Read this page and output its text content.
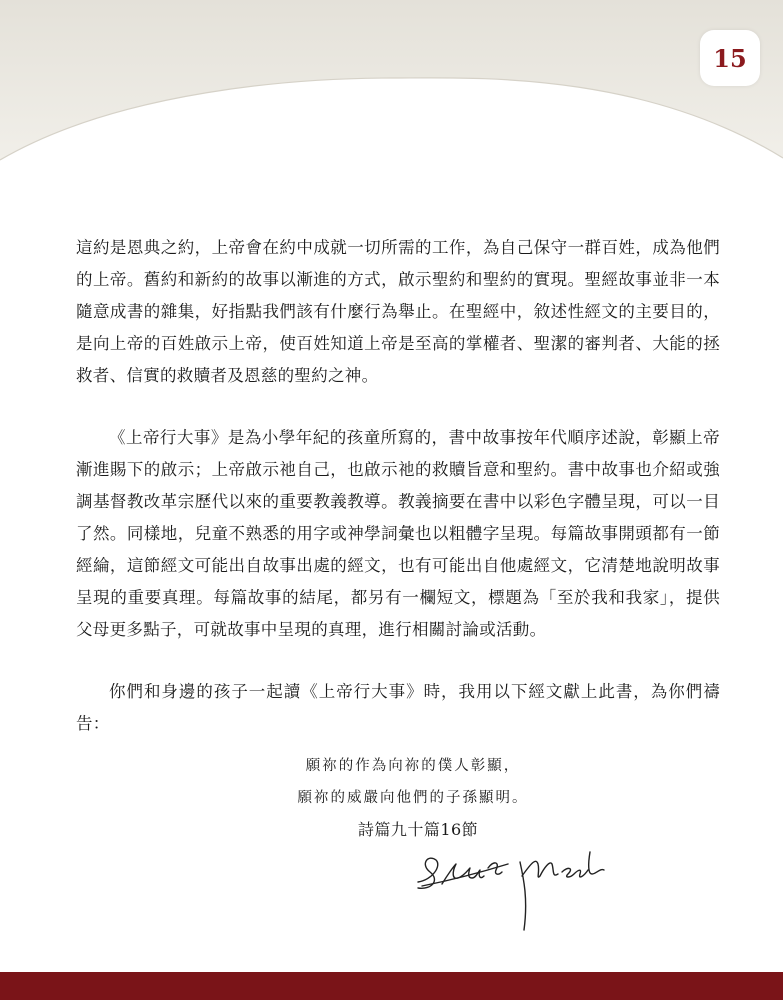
15

這約是恩典之約，上帝會在約中成就一切所需的工作，為自己保守一群百姓，成為他們的上帝。舊約和新約的故事以漸進的方式，啟示聖約和聖約的實現。聖經故事並非一本隨意成書的雜集，好指點我們該有什麼行為舉止。在聖經中，敘述性經文的主要目的，是向上帝的百姓啟示上帝，使百姓知道上帝是至高的掌權者、聖潔的審判者、大能的拯救者、信實的救贖者及恩慈的聖約之神。

《上帝行大事》是為小學年紀的孩童所寫的，書中故事按年代順序述說，彰顯上帝漸進賜下的啟示；上帝啟示祂自己，也啟示祂的救贖旨意和聖約。書中故事也介紹或強調基督教改革宗歷代以來的重要教義教導。教義摘要在書中以彩色字體呈現，可以一目了然。同樣地，兒童不熟悉的用字或神學詞彙也以粗體字呈現。每篇故事開頭都有一節經綸，這節經文可能出自故事出處的經文，也有可能出自他處經文，它清楚地說明故事呈現的重要真理。每篇故事的結尾，都另有一欄短文，標題為「至於我和我家」，提供父母更多點子，可就故事中呈現的真理，進行相關討論或活動。

你們和身邊的孩子一起讀《上帝行大事》時，我用以下經文獻上此書，為你們禱告：

願祢的作為向祢的僕人彰顯，
願祢的威嚴向他們的子孫顯明。
詩篇九十篇16節
